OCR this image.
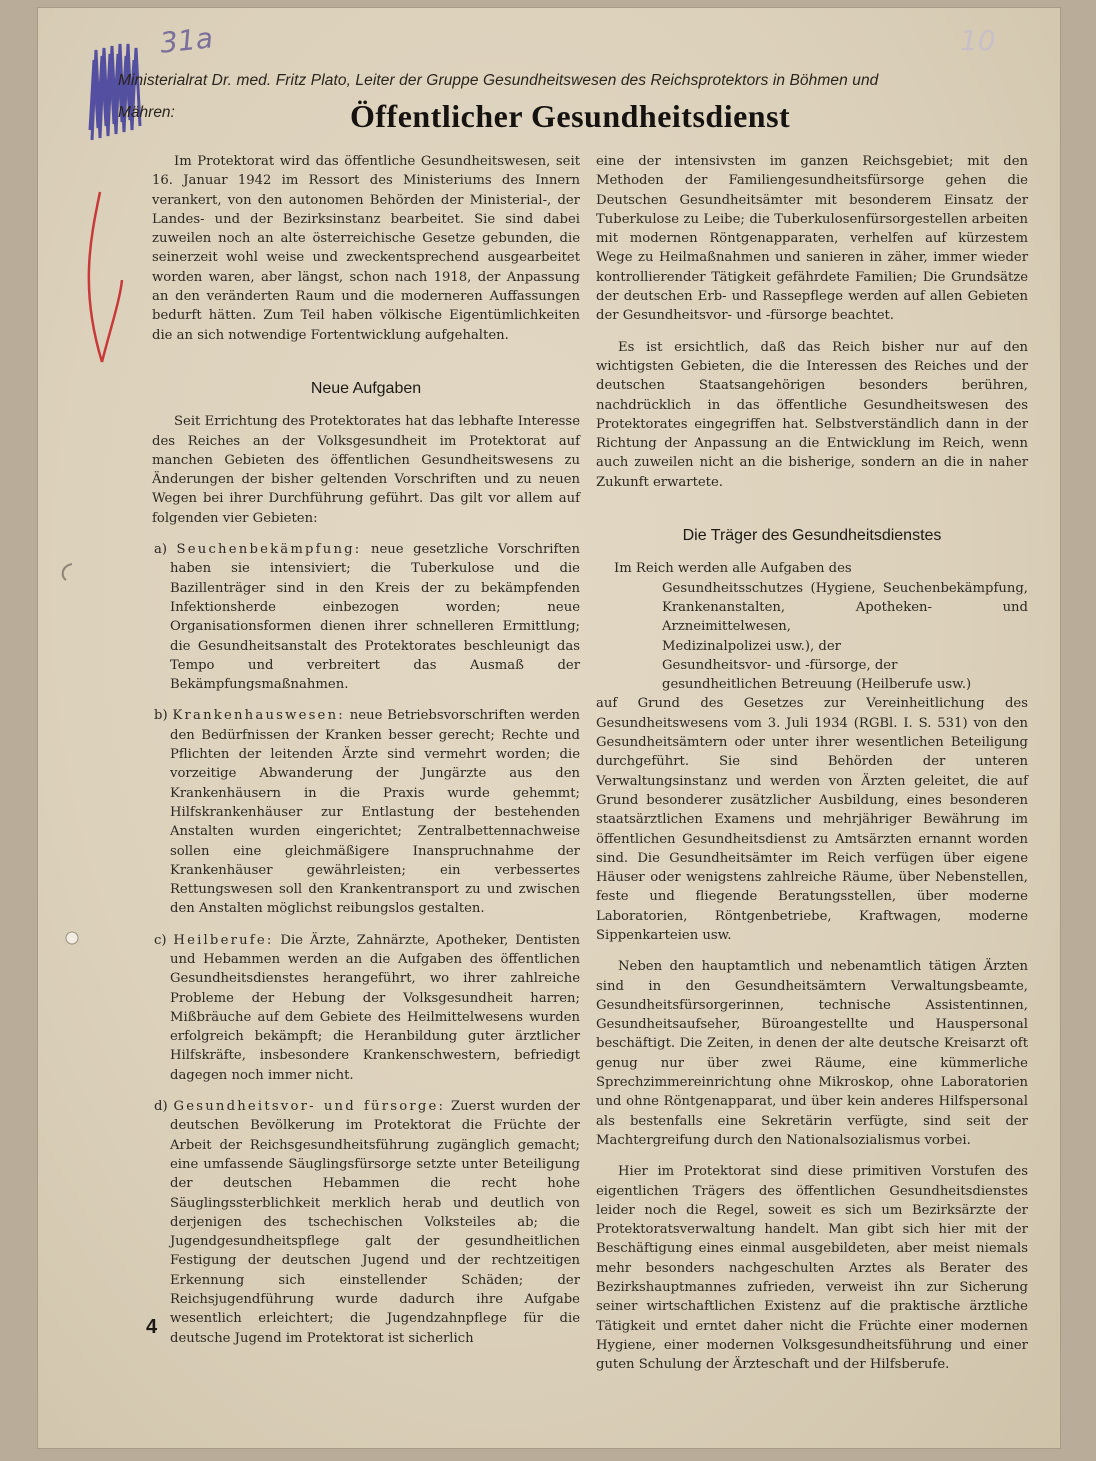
31a	10
Ministerialrat Dr. med. Fritz Plato, Leiter der Gruppe Gesundheitswesen des Reichsprotektors in Böhmen und
Mähren:	Öffentlicher Gesundheitsdienst

Im Protektorat wird das öffentliche Gesundheitswesen, seit 16. Januar 1942 im Ressort des Ministeriums des Innern verankert, von den autonomen Behörden der Ministerial-, der Landes- und der Bezirksinstanz bearbeitet. Sie sind dabei zuweilen noch an alte österreichische Gesetze gebunden, die seinerzeit wohl weise und zweckentsprechend ausgearbeitet worden waren, aber längst, schon nach 1918, der Anpassung an den veränderten Raum und die moderneren Auffassungen bedurft hätten. Zum Teil haben völkische Eigentümlichkeiten die an sich notwendige Fortentwicklung aufgehalten.

Neue Aufgaben

Seit Errichtung des Protektorates hat das lebhafte Interesse des Reiches an der Volksgesundheit im Protektorat auf manchen Gebieten des öffentlichen Gesundheitswesens zu Änderungen der bisher geltenden Vorschriften und zu neuen Wegen bei ihrer Durchführung geführt. Das gilt vor allem auf folgenden vier Gebieten:

a) Seuchenbekämpfung: neue gesetzliche Vorschriften haben sie intensiviert; die Tuberkulose und die Bazillenträger sind in den Kreis der zu bekämpfenden Infektionsherde einbezogen worden; neue Organisationsformen dienen ihrer schnelleren Ermittlung; die Gesundheitsanstalt des Protektorates beschleunigt das Tempo und verbreitert das Ausmaß der Bekämpfungsmaßnahmen.
b) Krankenhauswesen: neue Betriebsvorschriften werden den Bedürfnissen der Kranken besser gerecht; Rechte und Pflichten der leitenden Ärzte sind vermehrt worden; die vorzeitige Abwanderung der Jungärzte aus den Krankenhäusern in die Praxis wurde gehemmt; Hilfskrankenhäuser zur Entlastung der bestehenden Anstalten wurden eingerichtet; Zentralbettennachweise sollen eine gleichmäßigere Inanspruchnahme der Krankenhäuser gewährleisten; ein verbessertes Rettungswesen soll den Krankentransport zu und zwischen den Anstalten möglichst reibungslos gestalten.
c) Heilberufe: Die Ärzte, Zahnärzte, Apotheker, Dentisten und Hebammen werden an die Aufgaben des öffentlichen Gesundheitsdienstes herangeführt, wo ihrer zahlreiche Probleme der Hebung der Volksgesundheit harren; Mißbräuche auf dem Gebiete des Heilmittelwesens wurden erfolgreich bekämpft; die Heranbildung guter ärztlicher Hilfskräfte, insbesondere Krankenschwestern, befriedigt dagegen noch immer nicht.
d) Gesundheitsvor- und fürsorge: Zuerst wurden der deutschen Bevölkerung im Protektorat die Früchte der Arbeit der Reichsgesundheitsführung zugänglich gemacht; eine umfassende Säuglingsfürsorge setzte unter Beteiligung der deutschen Hebammen die recht hohe Säuglingssterblichkeit merklich herab und deutlich von derjenigen des tschechischen Volksteiles ab; die Jugendgesundheitspflege galt der gesundheitlichen Festigung der deutschen Jugend und der rechtzeitigen Erkennung sich einstellender Schäden; der Reichsjugendführung wurde dadurch ihre Aufgabe wesentlich erleichtert; die Jugendzahnpflege für die deutsche Jugend im Protektorat ist sicherlich

eine der intensivsten im ganzen Reichsgebiet; mit den Methoden der Familiengesundheitsfürsorge gehen die Deutschen Gesundheitsämter mit besonderem Einsatz der Tuberkulose zu Leibe; die Tuberkulosenfürsorgestellen arbeiten mit modernen Röntgenapparaten, verhelfen auf kürzestem Wege zu Heilmaßnahmen und sanieren in zäher, immer wieder kontrollierender Tätigkeit gefährdete Familien; Die Grundsätze der deutschen Erb- und Rassepflege werden auf allen Gebieten der Gesundheitsvor- und -fürsorge beachtet.

Es ist ersichtlich, daß das Reich bisher nur auf den wichtigsten Gebieten, die die Interessen des Reiches und der deutschen Staatsangehörigen besonders berühren, nachdrücklich in das öffentliche Gesundheitswesen des Protektorates eingegriffen hat. Selbstverständlich dann in der Richtung der Anpassung an die Entwicklung im Reich, wenn auch zuweilen nicht an die bisherige, sondern an die in naher Zukunft erwartete.

Die Träger des Gesundheitsdienstes
Im Reich werden alle Aufgaben des
Gesundheitsschutzes (Hygiene, Seuchenbekämpfung, Krankenanstalten, Apotheken- und Arzneimittelwesen,
Medizinalpolizei usw.), der
Gesundheitsvor- und -fürsorge, der
gesundheitlichen Betreuung (Heilberufe usw.)

auf Grund des Gesetzes zur Vereinheitlichung des Gesundheitswesens vom 3. Juli 1934 (RGBl. I. S. 531) von den Gesundheitsämtern oder unter ihrer wesentlichen Beteiligung durchgeführt. Sie sind Behörden der unteren Verwaltungsinstanz und werden von Ärzten geleitet, die auf Grund besonderer zusätzlicher Ausbildung, eines besonderen staatsärztlichen Examens und mehrjähriger Bewährung im öffentlichen Gesundheitsdienst zu Amtsärzten ernannt worden sind. Die Gesundheitsämter im Reich verfügen über eigene Häuser oder wenigstens zahlreiche Räume, über Nebenstellen, feste und fliegende Beratungsstellen, über moderne Laboratorien, Röntgenbetriebe, Kraftwagen, moderne Sippenkarteien usw.

Neben den hauptamtlich und nebenamtlich tätigen Ärzten sind in den Gesundheitsämtern Verwaltungsbeamte, Gesundheitsfürsorgerinnen, technische Assistentinnen, Gesundheitsaufseher, Büroangestellte und Hauspersonal beschäftigt. Die Zeiten, in denen der alte deutsche Kreisarzt oft genug nur über zwei Räume, eine kümmerliche Sprechzimmereinrichtung ohne Mikroskop, ohne Laboratorien und ohne Röntgenapparat, und über kein anderes Hilfspersonal als bestenfalls eine Sekretärin verfügte, sind seit der Machtergreifung durch den Nationalsozialismus vorbei.

Hier im Protektorat sind diese primitiven Vorstufen des eigentlichen Trägers des öffentlichen Gesundheitsdienstes leider noch die Regel, soweit es sich um Bezirksärzte der Protektoratsverwaltung handelt. Man gibt sich hier mit der Beschäftigung eines einmal ausgebildeten, aber meist niemals mehr besonders nachgeschulten Arztes als Berater des Bezirkshauptmannes zufrieden, verweist ihn zur Sicherung seiner wirtschaftlichen Existenz auf die praktische ärztliche Tätigkeit und erntet daher nicht die Früchte einer modernen Hygiene, einer modernen Volksgesundheitsführung und einer guten Schulung der Ärzteschaft und der Hilfsberufe.

4
